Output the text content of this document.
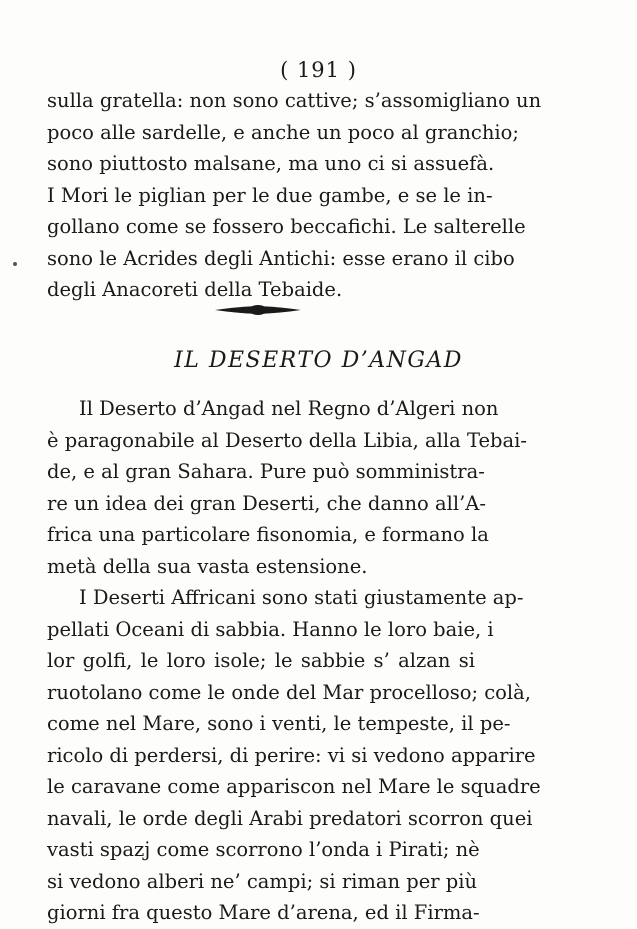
( 191 )
sulla gratella: non sono cattive; s’assomigliano un
poco alle sardelle, e anche un poco al granchio;
sono piuttosto malsane, ma uno ci si assuefà.
I Mori le piglian per le due gambe, e se le in-
gollano come se fossero beccafichi. Le salterelle
sono le Acrides degli Antichi: esse erano il cibo
degli Anacoreti della Tebaide.
IL DESERTO D’ANGAD
Il Deserto d’Angad nel Regno d’Algeri non
è paragonabile al Deserto della Libia, alla Tebai-
de, e al gran Sahara. Pure può somministra-
re un idea dei gran Deserti, che danno all’A-
frica una particolare fisonomia, e formano la
metà della sua vasta estensione.
I Deserti Affricani sono stati giustamente ap-
pellati Oceani di sabbia. Hanno le loro baie, i
lor golfi, le loro isole; le sabbie s’ alzan si
ruotolano come le onde del Mar procelloso; colà,
come nel Mare, sono i venti, le tempeste, il pe-
ricolo di perdersi, di perire: vi si vedono apparire
le caravane come appariscon nel Mare le squadre
navali, le orde degli Arabi predatori scorron quei
vasti spazj come scorrono l’onda i Pirati; nè
si vedono alberi ne’ campi; si riman per più
giorni fra questo Mare d’arena, ed il Firma-
